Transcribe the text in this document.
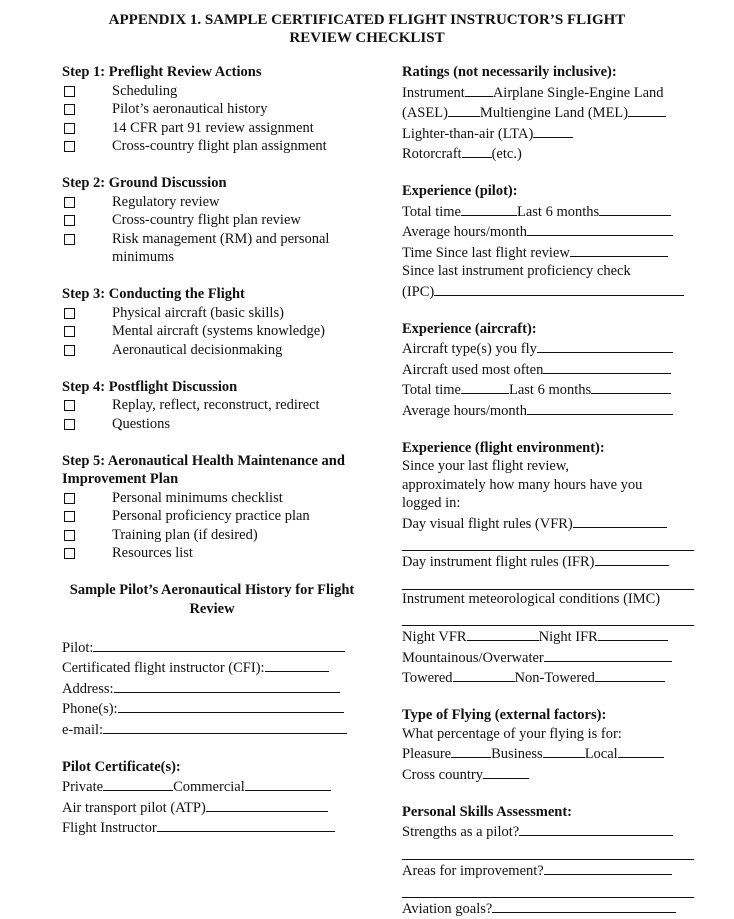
APPENDIX 1. SAMPLE CERTIFICATED FLIGHT INSTRUCTOR’S FLIGHT
REVIEW CHECKLIST
Step 1: Preflight Review Actions
Scheduling
Pilot’s aeronautical history
14 CFR part 91 review assignment
Cross-country flight plan assignment
Step 2: Ground Discussion
Regulatory review
Cross-country flight plan review
Risk management (RM) and personal minimums
Step 3: Conducting the Flight
Physical aircraft (basic skills)
Mental aircraft (systems knowledge)
Aeronautical decisionmaking
Step 4: Postflight Discussion
Replay, reflect, reconstruct, redirect
Questions
Step 5: Aeronautical Health Maintenance and Improvement Plan
Personal minimums checklist
Personal proficiency practice plan
Training plan (if desired)
Resources list
Sample Pilot’s Aeronautical History for Flight Review
Pilot:
Certificated flight instructor (CFI):
Address:
Phone(s):
e-mail:
Pilot Certificate(s):
Private	Commercial
Air transport pilot (ATP)
Flight Instructor
Ratings (not necessarily inclusive):
Instrument Airplane Single-Engine Land
(ASEL) Multiengine Land (MEL)
Lighter-than-air (LTA)
Rotorcraft (etc.)
Experience (pilot):
Total time	Last 6 months
Average hours/month
Time Since last flight review
Since last instrument proficiency check
(IPC)
Experience (aircraft):
Aircraft type(s) you fly
Aircraft used most often
Total time	Last 6 months
Average hours/month
Experience (flight environment):
Since your last flight review,
approximately how many hours have you
logged in:
Day visual flight rules (VFR)
Day instrument flight rules (IFR)
Instrument meteorological conditions (IMC)
Night VFR	Night IFR
Mountainous/Overwater
Towered	Non-Towered
Type of Flying (external factors):
What percentage of your flying is for:
Pleasure	Business	Local
Cross country
Personal Skills Assessment:
Strengths as a pilot?
Areas for improvement?
Aviation goals?
